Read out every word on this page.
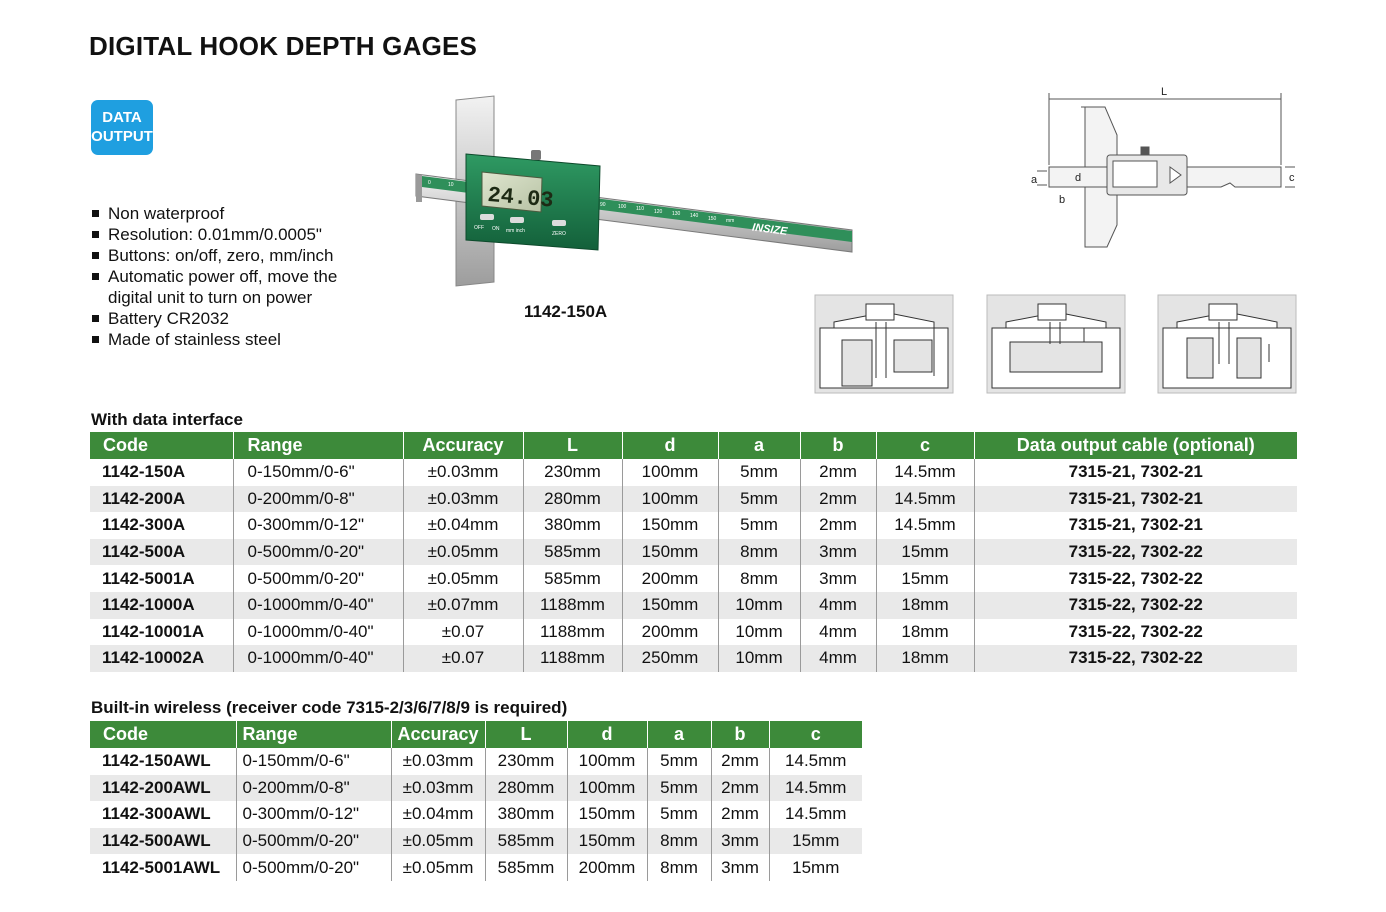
DIGITAL HOOK DEPTH GAGES
DATA
OUTPUT
Non waterproof
Resolution: 0.01mm/0.0005"
Buttons: on/off, zero, mm/inch
Automatic power off, move the digital unit to turn on power
Battery CR2032
Made of stainless steel
24.03
OFF	mm inch
ON
ZERO
0	10
90 100 110 120 130 140 150 mm
INSIZE
1142-150A
L
d
a
b
c
With data interface
Code	Range	Accuracy	L	d	a	b	c	Data output cable (optional)
1142-150A	0-150mm/0-6"	±0.03mm	230mm	100mm	5mm	2mm	14.5mm	7315-21, 7302-21
1142-200A	0-200mm/0-8"	±0.03mm	280mm	100mm	5mm	2mm	14.5mm	7315-21, 7302-21
1142-300A	0-300mm/0-12"	±0.04mm	380mm	150mm	5mm	2mm	14.5mm	7315-21, 7302-21
1142-500A	0-500mm/0-20"	±0.05mm	585mm	150mm	8mm	3mm	15mm	7315-22, 7302-22
1142-5001A	0-500mm/0-20"	±0.05mm	585mm	200mm	8mm	3mm	15mm	7315-22, 7302-22
1142-1000A	0-1000mm/0-40"	±0.07mm	1188mm	150mm	10mm	4mm	18mm	7315-22, 7302-22
1142-10001A	0-1000mm/0-40"	±0.07	1188mm	200mm	10mm	4mm	18mm	7315-22, 7302-22
1142-10002A	0-1000mm/0-40"	±0.07	1188mm	250mm	10mm	4mm	18mm	7315-22, 7302-22
Built-in wireless (receiver code 7315-2/3/6/7/8/9 is required)
Code	Range	Accuracy	L	d	a	b	c
1142-150AWL	0-150mm/0-6"	±0.03mm	230mm	100mm	5mm	2mm	14.5mm
1142-200AWL	0-200mm/0-8"	±0.03mm	280mm	100mm	5mm	2mm	14.5mm
1142-300AWL	0-300mm/0-12"	±0.04mm	380mm	150mm	5mm	2mm	14.5mm
1142-500AWL	0-500mm/0-20"	±0.05mm	585mm	150mm	8mm	3mm	15mm
1142-5001AWL	0-500mm/0-20"	±0.05mm	585mm	200mm	8mm	3mm	15mm
